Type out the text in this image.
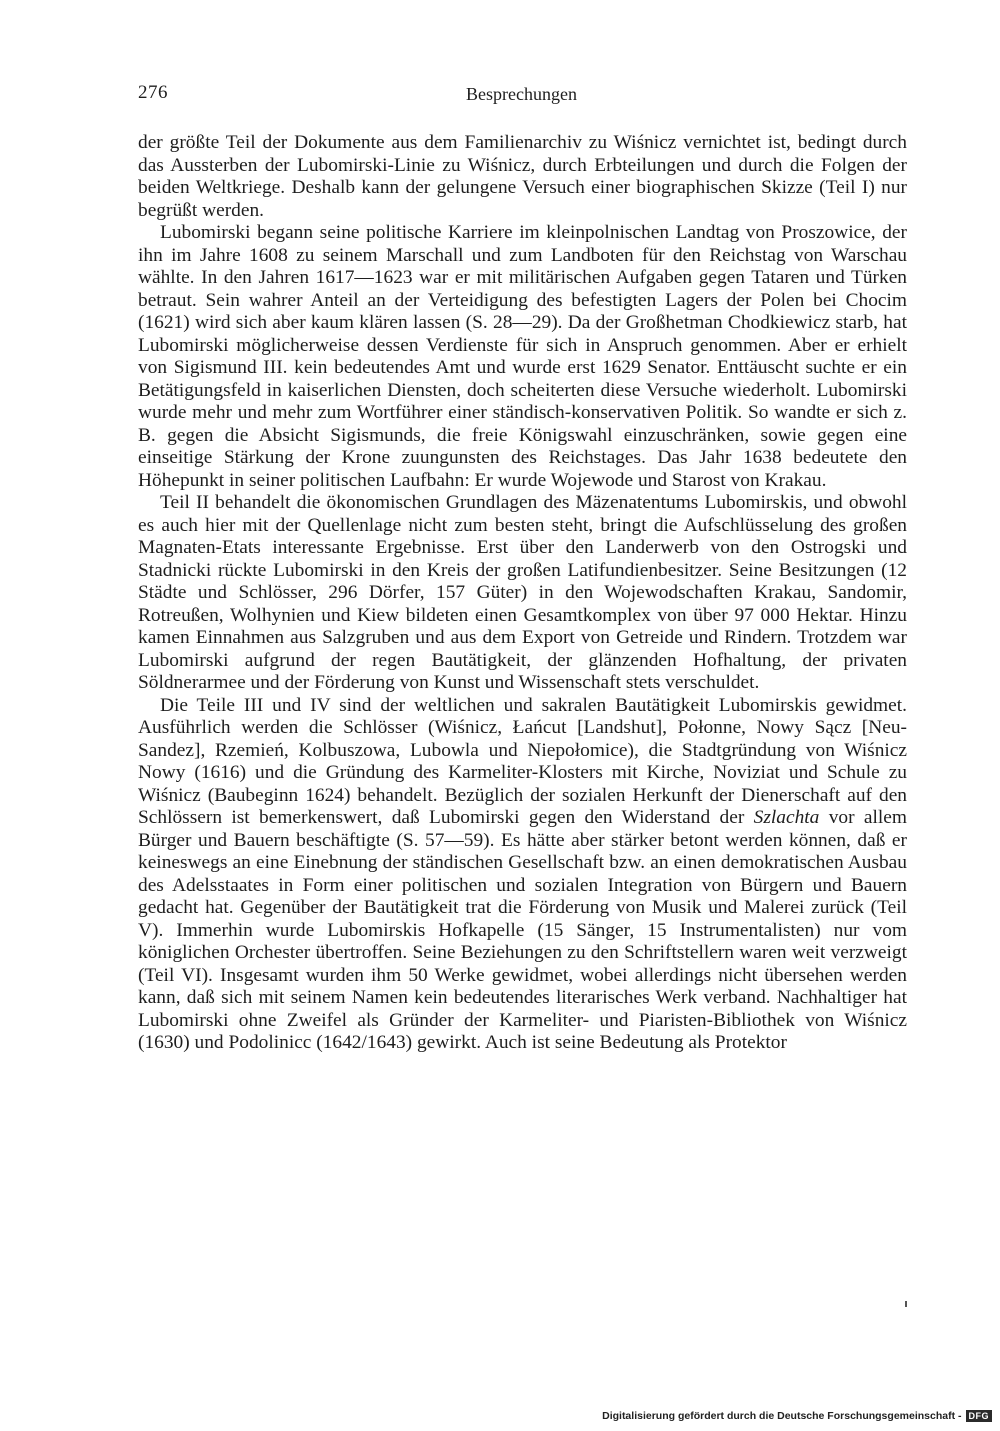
276	Besprechungen

der größte Teil der Dokumente aus dem Familienarchiv zu Wiśnicz vernichtet ist, bedingt durch das Aussterben der Lubomirski-Linie zu Wiśnicz, durch Erbteilungen und durch die Folgen der beiden Weltkriege. Deshalb kann der gelungene Versuch einer biographischen Skizze (Teil I) nur begrüßt werden.

Lubomirski begann seine politische Karriere im kleinpolnischen Landtag von Proszowice, der ihn im Jahre 1608 zu seinem Marschall und zum Landboten für den Reichstag von Warschau wählte. In den Jahren 1617—1623 war er mit militärischen Aufgaben gegen Tataren und Türken betraut. Sein wahrer Anteil an der Verteidigung des befestigten Lagers der Polen bei Chocim (1621) wird sich aber kaum klären lassen (S. 28—29). Da der Großhetman Chodkiewicz starb, hat Lubomirski möglicherweise dessen Verdienste für sich in Anspruch genommen. Aber er erhielt von Sigismund III. kein bedeutendes Amt und wurde erst 1629 Senator. Enttäuscht suchte er ein Betätigungsfeld in kaiserlichen Diensten, doch scheiterten diese Versuche wiederholt. Lubomirski wurde mehr und mehr zum Wortführer einer ständisch-konservativen Politik. So wandte er sich z. B. gegen die Absicht Sigismunds, die freie Königswahl einzuschränken, sowie gegen eine einseitige Stärkung der Krone zuungunsten des Reichstages. Das Jahr 1638 bedeutete den Höhepunkt in seiner politischen Laufbahn: Er wurde Wojewode und Starost von Krakau.

Teil II behandelt die ökonomischen Grundlagen des Mäzenatentums Lubomirskis, und obwohl es auch hier mit der Quellenlage nicht zum besten steht, bringt die Aufschlüsselung des großen Magnaten-Etats interessante Ergebnisse. Erst über den Landerwerb von den Ostrogski und Stadnicki rückte Lubomirski in den Kreis der großen Latifundienbesitzer. Seine Besitzungen (12 Städte und Schlösser, 296 Dörfer, 157 Güter) in den Wojewodschaften Krakau, Sandomir, Rotreußen, Wolhynien und Kiew bildeten einen Gesamtkomplex von über 97 000 Hektar. Hinzu kamen Einnahmen aus Salzgruben und aus dem Export von Getreide und Rindern. Trotzdem war Lubomirski aufgrund der regen Bautätigkeit, der glänzenden Hofhaltung, der privaten Söldnerarmee und der Förderung von Kunst und Wissenschaft stets verschuldet.

Die Teile III und IV sind der weltlichen und sakralen Bautätigkeit Lubomirskis gewidmet. Ausführlich werden die Schlösser (Wiśnicz, Łańcut [Landshut], Połonne, Nowy Sącz [Neu-Sandez], Rzemień, Kolbuszowa, Lubowla und Niepołomice), die Stadtgründung von Wiśnicz Nowy (1616) und die Gründung des Karmeliter-Klosters mit Kirche, Noviziat und Schule zu Wiśnicz (Baubeginn 1624) behandelt. Bezüglich der sozialen Herkunft der Dienerschaft auf den Schlössern ist bemerkenswert, daß Lubomirski gegen den Widerstand der Szlachta vor allem Bürger und Bauern beschäftigte (S. 57—59). Es hätte aber stärker betont werden können, daß er keineswegs an eine Einebnung der ständischen Gesellschaft bzw. an einen demokratischen Ausbau des Adelsstaates in Form einer politischen und sozialen Integration von Bürgern und Bauern gedacht hat. Gegenüber der Bautätigkeit trat die Förderung von Musik und Malerei zurück (Teil V). Immerhin wurde Lubomirskis Hofkapelle (15 Sänger, 15 Instrumentalisten) nur vom königlichen Orchester übertroffen. Seine Beziehungen zu den Schriftstellern waren weit verzweigt (Teil VI). Insgesamt wurden ihm 50 Werke gewidmet, wobei allerdings nicht übersehen werden kann, daß sich mit seinem Namen kein bedeutendes literarisches Werk verband. Nachhaltiger hat Lubomirski ohne Zweifel als Gründer der Karmeliter- und Piaristen-Bibliothek von Wiśnicz (1630) und Podolinicc (1642/1643) gewirkt. Auch ist seine Bedeutung als Protektor

Digitalisierung gefördert durch die Deutsche Forschungsgemeinschaft - DFG
